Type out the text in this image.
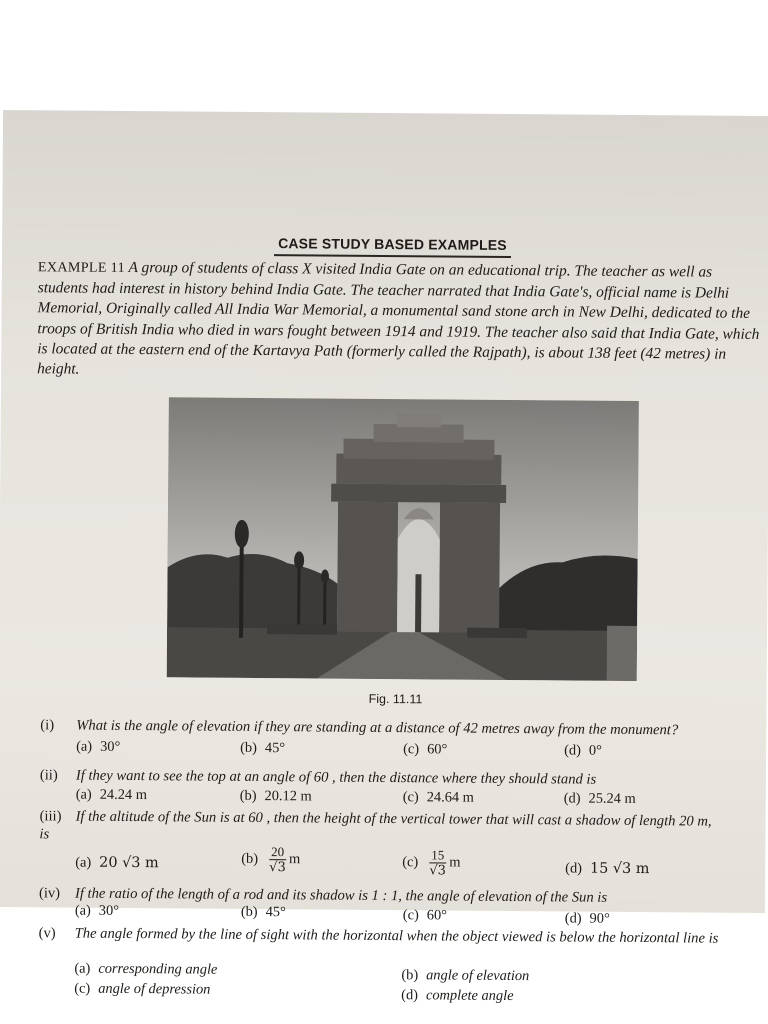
CASE STUDY BASED EXAMPLES
EXAMPLE 11 A group of students of class X visited India Gate on an educational trip. The teacher as well as students had interest in history behind India Gate. The teacher narrated that India Gate's, official name is Delhi Memorial, Originally called All India War Memorial, a monumental sand stone arch in New Delhi, dedicated to the troops of British India who died in wars fought between 1914 and 1919. The teacher also said that India Gate, which is located at the eastern end of the Kartavya Path (formerly called the Rajpath), is about 138 feet (42 metres) in height.
Fig. 11.11
(i) What is the angle of elevation if they are standing at a distance of 42 metres away from the monument?
(a) 30°	(b) 45°	(c) 60°	(d) 0°
(ii) If they want to see the top at an angle of 60 , then the distance where they should stand is
(a) 24.24 m	(b) 20.12 m	(c) 24.64 m	(d) 25.24 m
(iii) If the altitude of the Sun is at 60 , then the height of the vertical tower that will cast a shadow of length 20 m, is
(a) 20 √3 m	$(b) \frac{20}{√3}$ m	$(c) \frac{15}{√3}$ m	(d) 15 √3 m
(iv) If the ratio of the length of a rod and its shadow is 1 : 1, the angle of elevation of the Sun is
(a) 30°	(b) 45°	(c) 60°	(d) 90°
(v) The angle formed by the line of sight with the horizontal when the object viewed is below the horizontal line is
(a) corresponding angle	(b) angle of elevation
(c) angle of depression	(d) complete angle
